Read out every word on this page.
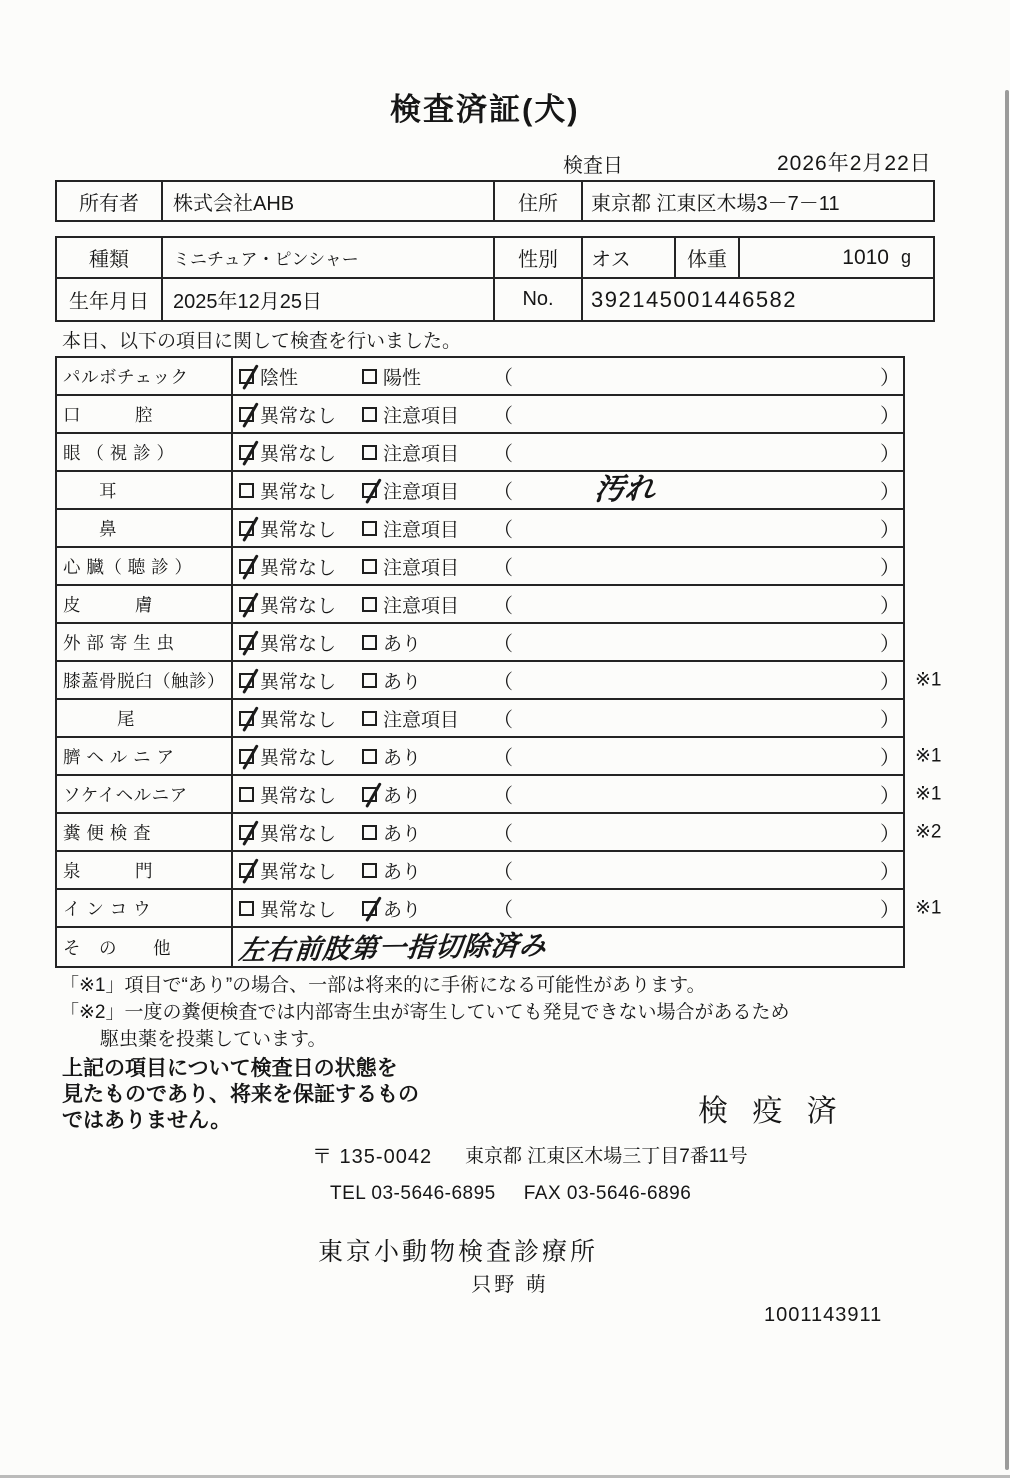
検査済証(犬)
検査日	2026年2月22日
所有者	株式会社AHB	住所	東京都 江東区木場3－7－11
種類	ミニチュア・ピンシャー	性別	オス	体重	1010 g
生年月日	2025年12月25日	No.	392145001446582
本日、以下の項目に関して検査を行いました。
パルボチェック	陰性	陽性	（	）
口　　　腔	異常なし 注意項目 （	）
眼 （ 視 診 ）	異常なし 注意項目 （	）
　　耳	異常なし 注意項目 （	汚れ	）
　　鼻	異常なし 注意項目 （	）
心 臓（ 聴 診 ）	異常なし 注意項目 （	）
皮　　　膚	異常なし 注意項目 （	）
外 部 寄 生 虫	異常なし あり	（	）
膝蓋骨脱臼（触診）	異常なし あり	（	） ※1
　　　尾	異常なし 注意項目 （	）
臍 ヘ ル ニ ア	異常なし あり	（	） ※1
ソケイヘルニア	異常なし あり	（	） ※1
糞 便 検 査	異常なし あり	（	） ※2
泉　　　門	異常なし あり	（	）
イ ン コ ウ	異常なし あり	（	） ※1
そ　の　　他	左右前肢第一指切除済み
「※1」項目で“あり”の場合、一部は将来的に手術になる可能性があります。
「※2」一度の糞便検査では内部寄生虫が寄生していても発見できない場合があるため
駆虫薬を投薬しています。
上記の項目について検査日の状態を
見たものであり、将来を保証するもの
ではありません。	検 疫 済
〒 135-0042 東京都 江東区木場三丁目7番11号
TEL 03-5646-6895 FAX 03-5646-6896
東京小動物検査診療所
只野 萌
1001143911
